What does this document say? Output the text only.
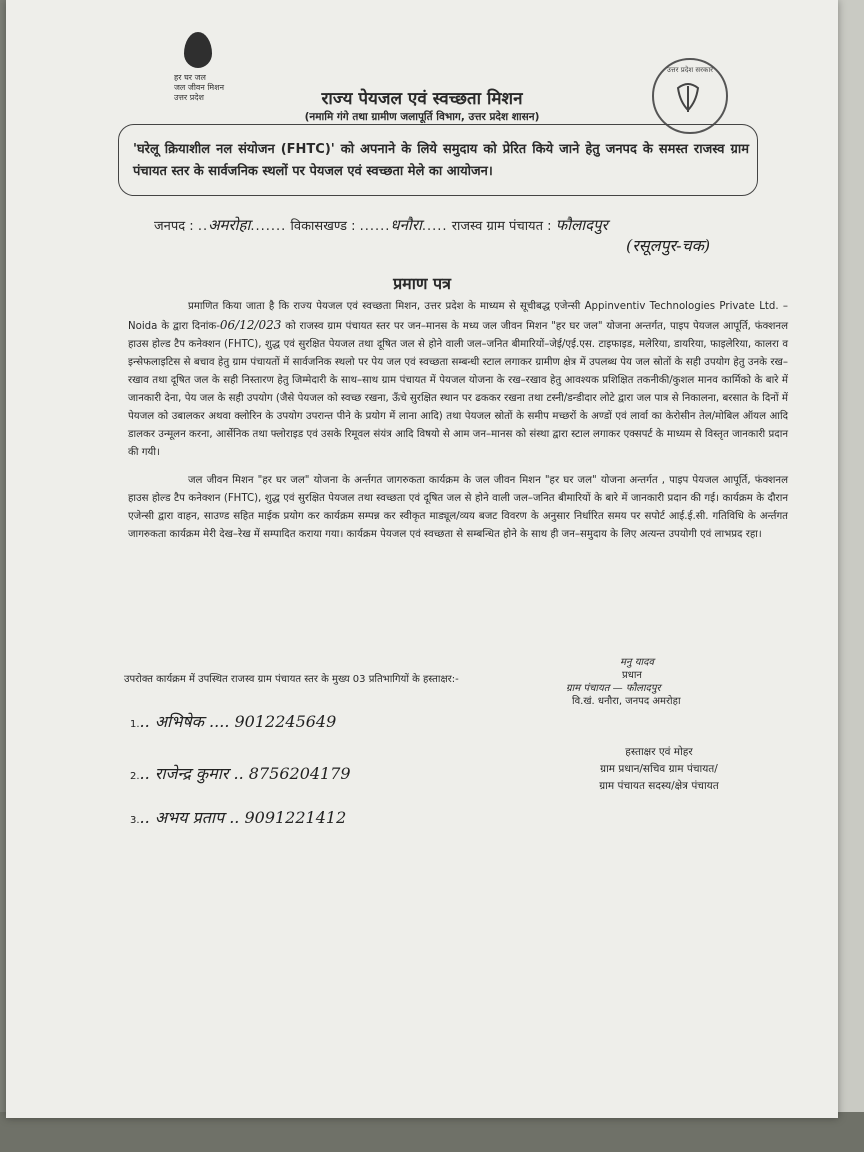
हर घर जल
जल जीवन मिशन
उत्तर प्रदेश
उत्तर प्रदेश सरकार
राज्य पेयजल एवं स्वच्छता मिशन
(नमामि गंगे तथा ग्रामीण जलापूर्ति विभाग, उत्तर प्रदेश शासन)
'घरेलू क्रियाशील नल संयोजन (FHTC)' को अपनाने के लिये समुदाय को प्रेरित किये जाने हेतु जनपद के समस्त राजस्व ग्राम पंचायत स्तर के सार्वजनिक स्थलों पर पेयजल एवं स्वच्छता मेले का आयोजन।
जनपद : ..अमरोहा....... विकासखण्ड : ......धनौरा..... राजस्व ग्राम पंचायत : फौलादपुर
(रसूलपुर-चक)
प्रमाण पत्र

प्रमाणित किया जाता है कि राज्य पेयजल एवं स्वच्छता मिशन, उत्तर प्रदेश के माध्यम से सूचीबद्ध एजेन्सी Appinventiv Technologies Private Ltd. – Noida के द्वारा दिनांक-06/12/023 को राजस्व ग्राम पंचायत स्तर पर जन–मानस के मध्य जल जीवन मिशन "हर घर जल" योजना अन्तर्गत, पाइप पेयजल आपूर्ति, फंक्शनल हाउस होल्ड टैप कनेक्शन (FHTC), शुद्ध एवं सुरक्षित पेयजल तथा दूषित जल से होने वाली जल–जनित बीमारियों–जेई/एई.एस. टाइफाइड, मलेरिया, डायरिया, फाइलेरिया, कालरा व इन्सेफलाइटिस से बचाव हेतु ग्राम पंचायतों में सार्वजनिक स्थलो पर पेय जल एवं स्वच्छता सम्बन्धी स्टाल लगाकर ग्रामीण क्षेत्र में उपलब्ध पेय जल स्रोतों के सही उपयोग हेतु उनके रख–रखाव तथा दूषित जल के सही निस्तारण हेतु जिम्मेदारी के साथ–साथ ग्राम पंचायत में पेयजल योजना के रख–रखाव हेतु आवश्यक प्रशिक्षित तकनीकी/कुशल मानव कार्मिको के बारे में जानकारी देना, पेय जल के सही उपयोग (जैसे पेयजल को स्वच्छ रखना, ऊँचे सुरक्षित स्थान पर ढककर रखना तथा टस्नी/डन्डीदार लोटे द्वारा जल पात्र से निकालना, बरसात के दिनों में पेयजल को उबालकर अथवा क्लोरिन के उपयोग उपरान्त पीने के प्रयोग में लाना आदि) तथा पेयजल स्रोतों के समीप मच्छरों के अण्डों एवं लार्वा का केरोसीन तेल/मोबिल ऑयल आदि डालकर उन्मूलन करना, आर्सेनिक तथा फ्लोराइड एवं उसके रिमूवल संयंत्र आदि विषयो से आम जन–मानस को संस्था द्वारा स्टाल लगाकर एक्सपर्ट के माध्यम से विस्तृत जानकारी प्रदान की गयी।

जल जीवन मिशन "हर घर जल" योजना के अर्न्तगत जागरुकता कार्यक्रम के जल जीवन मिशन "हर घर जल" योजना अन्तर्गत , पाइप पेयजल आपूर्ति, फंक्शनल हाउस होल्ड टैप कनेक्शन (FHTC), शुद्ध एवं सुरक्षित पेयजल तथा स्वच्छता एवं दूषित जल से होने वाली जल–जनित बीमारियों के बारे में जानकारी प्रदान की गई। कार्यक्रम के दौरान एजेन्सी द्वारा वाहन, साउण्ड सहित माईक प्रयोग कर कार्यक्रम सम्पन्न कर स्वीकृत माड्यूल/व्यय बजट विवरण के अनुसार निर्धारित समय पर सपोर्ट आई.ई.सी. गतिविधि के अर्न्तगत जागरुकता कार्यक्रम मेरी देख–रेख में सम्पादित कराया गया। कार्यक्रम पेयजल एवं स्वच्छता से सम्बन्धित होने के साथ ही जन–समुदाय के लिए अत्यन्त उपयोगी एवं लाभप्रद रहा।

उपरोक्त कार्यक्रम में उपस्थित राजस्व ग्राम पंचायत स्तर के मुख्य 03 प्रतिभागियों के हस्ताक्षर:-
1... अभिषेक .... 9012245649
2... राजेन्द्र कुमार .. 8756204179
3... अभय प्रताप .. 9091221412
मनु यादव
प्रधान
ग्राम पंचायत — फौलादपुर
वि.खं. धनौरा, जनपद अमरोहा
हस्ताक्षर एवं मोहर
ग्राम प्रधान/सचिव ग्राम पंचायत/
ग्राम पंचायत सदस्य/क्षेत्र पंचायत
